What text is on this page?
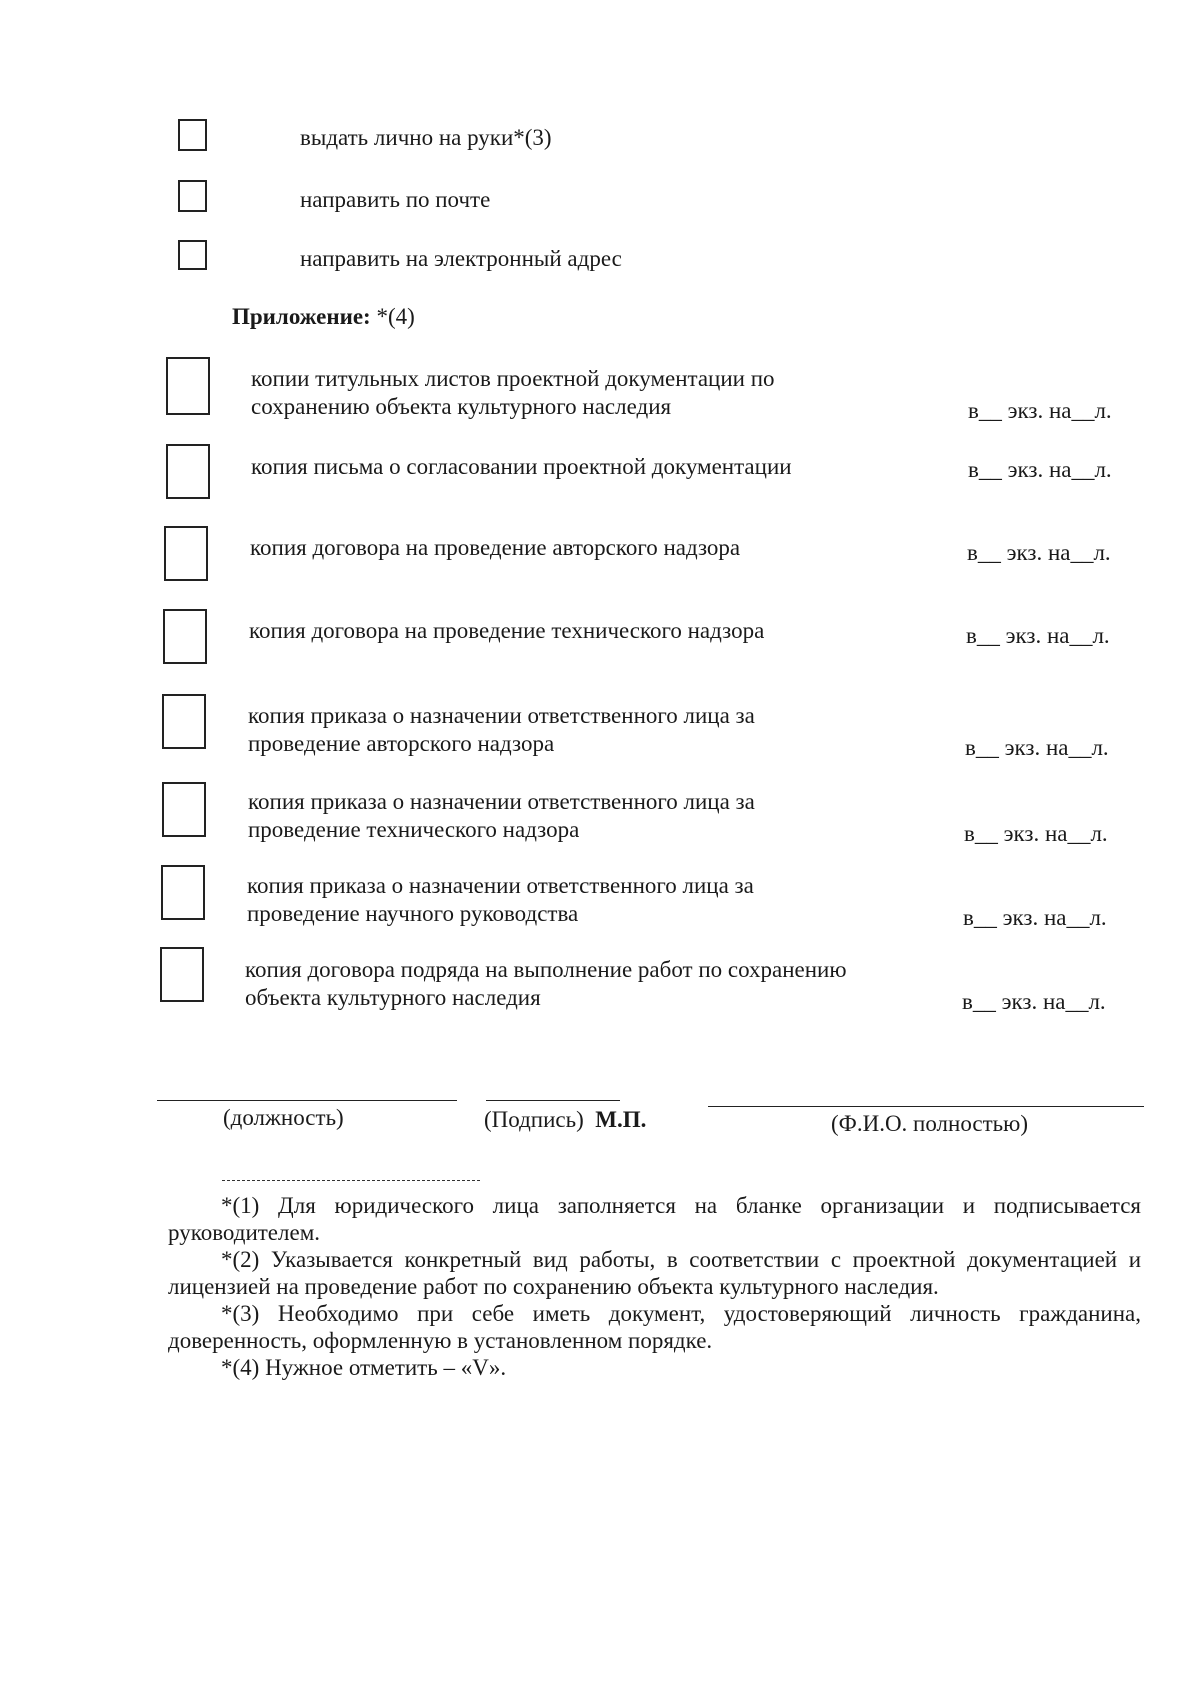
выдать лично на руки*(3)
направить по почте
направить на электронный адрес
Приложение: *(4)
копии титульных листов проектной документации по
сохранению объекта культурного наследия	в__ экз. на__л.
копия письма о согласовании проектной документации	в__ экз. на__л.
копия договора на проведение авторского надзора	в__ экз. на__л.
копия договора на проведение технического надзора	в__ экз. на__л.
копия приказа о назначении ответственного лица за
проведение авторского надзора	в__ экз. на__л.
копия приказа о назначении ответственного лица за
проведение технического надзора	в__ экз. на__л.
копия приказа о назначении ответственного лица за
проведение научного руководства	в__ экз. на__л.
копия договора подряда на выполнение работ по сохранению
объекта культурного наследия	в__ экз. на__л.
(должность)	(Подпись) М.П.	(Ф.И.О. полностью)

*(1) Для юридического лица заполняется на бланке организации и подписывается руководителем.

*(2) Указывается конкретный вид работы, в соответствии с проектной документацией и лицензией на проведение работ по сохранению объекта культурного наследия.

*(3) Необходимо при себе иметь документ, удостоверяющий личность гражданина, доверенность, оформленную в установленном порядке.

*(4) Нужное отметить – «V».
